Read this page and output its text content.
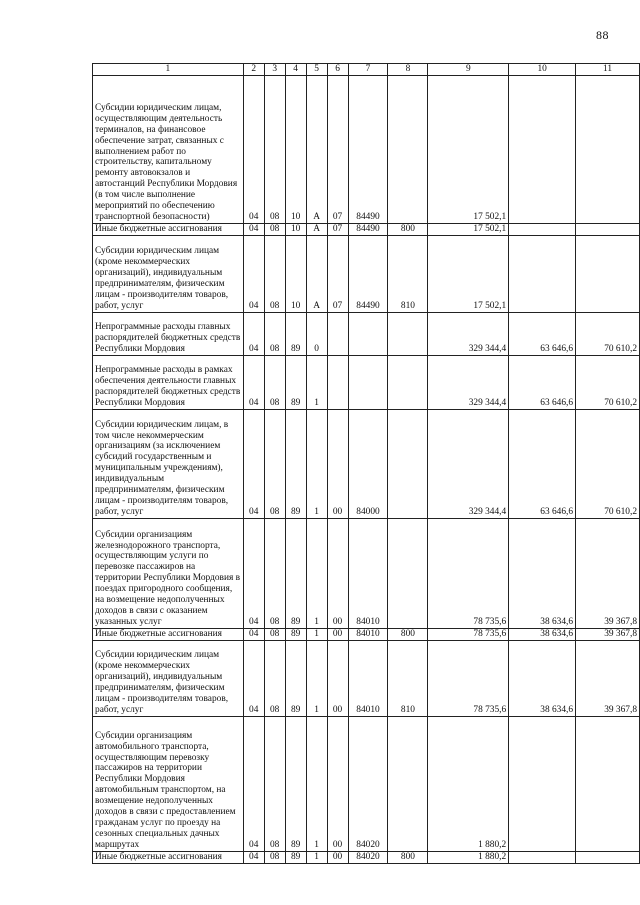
88
1	2	3	4	5	6	7	8	9	10	11
Субсидии юридическим лицам, осуществляющим деятельность терминалов, на финансовое обеспечение затрат, связанных с выполнением работ по строительству, капитальному ремонту автовокзалов и автостанций Республики Мордовия (в том числе выполнение мероприятий по обеспечению транспортной безопасности)	04	08	10	А	07	84490		17 502,1		
Иные бюджетные ассигнования	04	08	10	А	07	84490	800	17 502,1		
Субсидии юридическим лицам (кроме некоммерческих организаций), индивидуальным предпринимателям, физическим лицам - производителям товаров, работ, услуг	04	08	10	А	07	84490	810	17 502,1		
Непрограммные расходы главных распорядителей бюджетных средств Республики Мордовия	04	08	89	0				329 344,4	63 646,6	70 610,2
Непрограммные расходы в рамках обеспечения деятельности главных распорядителей бюджетных средств Республики Мордовия	04	08	89	1				329 344,4	63 646,6	70 610,2
Субсидии юридическим лицам, в том числе некоммерческим организациям (за исключением субсидий государственным и муниципальным учреждениям), индивидуальным предпринимателям, физическим лицам - производителям товаров, работ, услуг	04	08	89	1	00	84000		329 344,4	63 646,6	70 610,2
Субсидии организациям железнодорожного транспорта, осуществляющим услуги по перевозке пассажиров на территории Республики Мордовия в поездах пригородного сообщения, на возмещение недополученных доходов в связи с оказанием указанных услуг	04	08	89	1	00	84010		78 735,6	38 634,6	39 367,8
Иные бюджетные ассигнования	04	08	89	1	00	84010	800	78 735,6	38 634,6	39 367,8
Субсидии юридическим лицам (кроме некоммерческих организаций), индивидуальным предпринимателям, физическим лицам - производителям товаров, работ, услуг	04	08	89	1	00	84010	810	78 735,6	38 634,6	39 367,8
Субсидии организациям автомобильного транспорта, осуществляющим перевозку пассажиров на территории Республики Мордовия автомобильным транспортом, на возмещение недополученных доходов в связи с предоставлением гражданам услуг по проезду на сезонных специальных дачных маршрутах	04	08	89	1	00	84020		1 880,2		
Иные бюджетные ассигнования	04	08	89	1	00	84020	800	1 880,2		
